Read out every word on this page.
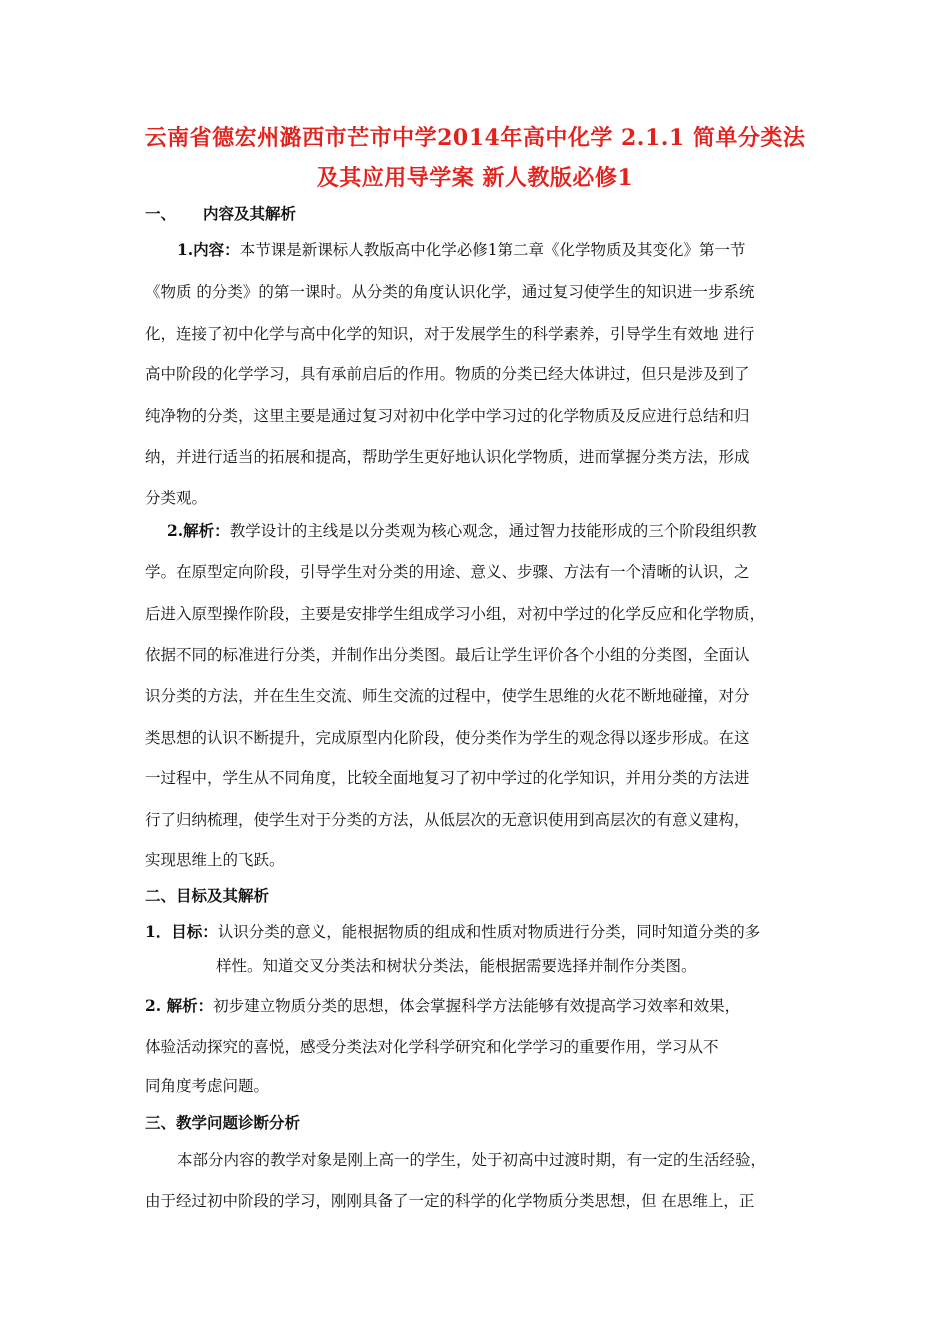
云南省德宏州潞西市芒市中学2014年高中化学 2.1.1 简单分类法
及其应用导学案 新人教版必修1
一、 内容及其解析
1.内容：本节课是新课标人教版高中化学必修1第二章《化学物质及其变化》第一节
《物质 的分类》的第一课时。从分类的角度认识化学，通过复习使学生的知识进一步系统
化，连接了初中化学与高中化学的知识，对于发展学生的科学素养，引导学生有效地 进行
高中阶段的化学学习，具有承前启后的作用。物质的分类已经大体讲过，但只是涉及到了
纯净物的分类，这里主要是通过复习对初中化学中学习过的化学物质及反应进行总结和归
纳，并进行适当的拓展和提高，帮助学生更好地认识化学物质，进而掌握分类方法，形成
分类观。
2.解析：教学设计的主线是以分类观为核心观念，通过智力技能形成的三个阶段组织教
学。在原型定向阶段，引导学生对分类的用途、意义、步骤、方法有一个清晰的认识，之
后进入原型操作阶段，主要是安排学生组成学习小组，对初中学过的化学反应和化学物质，
依据不同的标准进行分类，并制作出分类图。最后让学生评价各个小组的分类图，全面认
识分类的方法，并在生生交流、师生交流的过程中，使学生思维的火花不断地碰撞，对分
类思想的认识不断提升，完成原型内化阶段，使分类作为学生的观念得以逐步形成。在这
一过程中，学生从不同角度，比较全面地复习了初中学过的化学知识，并用分类的方法进
行了归纳梳理，使学生对于分类的方法，从低层次的无意识使用到高层次的有意义建构，
实现思维上的飞跃。
二、目标及其解析
1．目标：认识分类的意义，能根据物质的组成和性质对物质进行分类，同时知道分类的多
样性。知道交叉分类法和树状分类法，能根据需要选择并制作分类图。
2. 解析：初步建立物质分类的思想，体会掌握科学方法能够有效提高学习效率和效果，
体验活动探究的喜悦，感受分类法对化学科学研究和化学学习的重要作用，学习从不
同角度考虑问题。
三、教学问题诊断分析
本部分内容的教学对象是刚上高一的学生，处于初高中过渡时期，有一定的生活经验，
由于经过初中阶段的学习，刚刚具备了一定的科学的化学物质分类思想，但 在思维上，正
